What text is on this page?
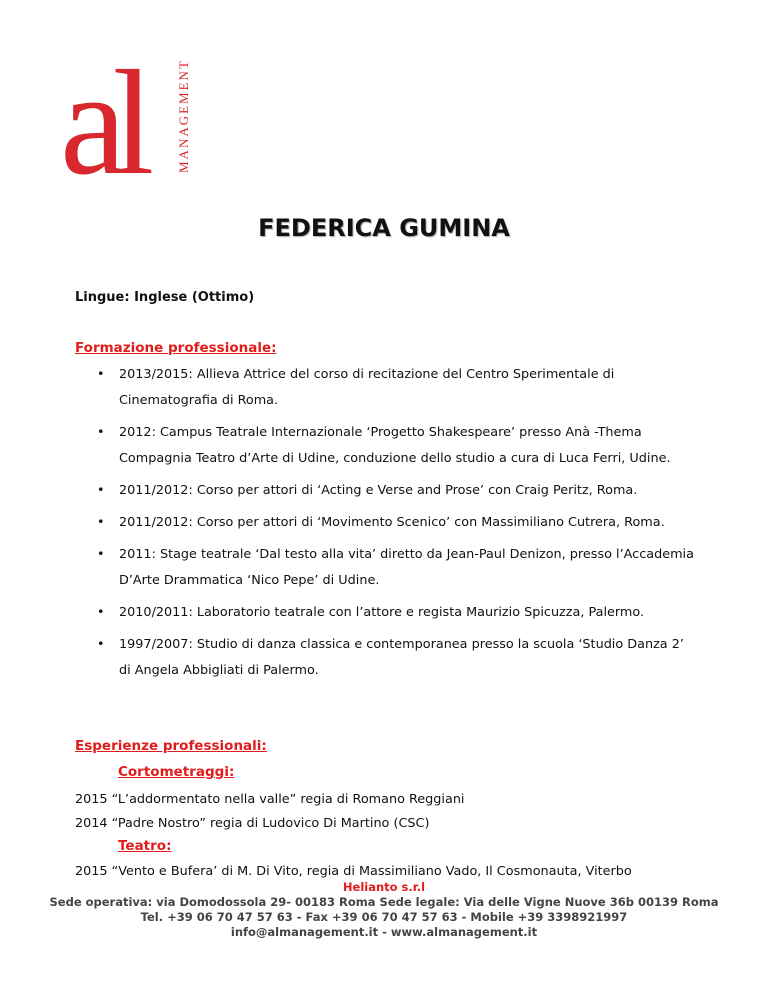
al	MANAGEMENT
FEDERICA GUMINA
Lingue: Inglese (Ottimo)
Formazione professionale:
• 2013/2015: Allieva Attrice del corso di recitazione del Centro Sperimentale di Cinematografia di Roma.
• 2012: Campus Teatrale Internazionale ‘Progetto Shakespeare’ presso Anà -Thema Compagnia Teatro d’Arte di Udine, conduzione dello studio a cura di Luca Ferri, Udine.
• 2011/2012: Corso per attori di ‘Acting e Verse and Prose’ con Craig Peritz, Roma.
• 2011/2012: Corso per attori di ‘Movimento Scenico’ con Massimiliano Cutrera, Roma.
• 2011: Stage teatrale ‘Dal testo alla vita’ diretto da Jean-Paul Denizon, presso l’Accademia D’Arte Drammatica ‘Nico Pepe’ di Udine.
• 2010/2011: Laboratorio teatrale con l’attore e regista Maurizio Spicuzza, Palermo.
• 1997/2007: Studio di danza classica e contemporanea presso la scuola ‘Studio Danza 2’ di Angela Abbigliati di Palermo.
Esperienze professionali:
Cortometraggi:
2015 “L’addormentato nella valle” regia di Romano Reggiani
2014 “Padre Nostro” regia di Ludovico Di Martino (CSC)
Teatro:
2015 “Vento e Bufera’ di M. Di Vito, regia di Massimiliano Vado, Il Cosmonauta, Viterbo
Helianto s.r.l
Sede operativa: via Domodossola 29- 00183 Roma Sede legale: Via delle Vigne Nuove 36b 00139 Roma
Tel. +39 06 70 47 57 63 - Fax +39 06 70 47 57 63 - Mobile +39 3398921997
info@almanagement.it - www.almanagement.it
